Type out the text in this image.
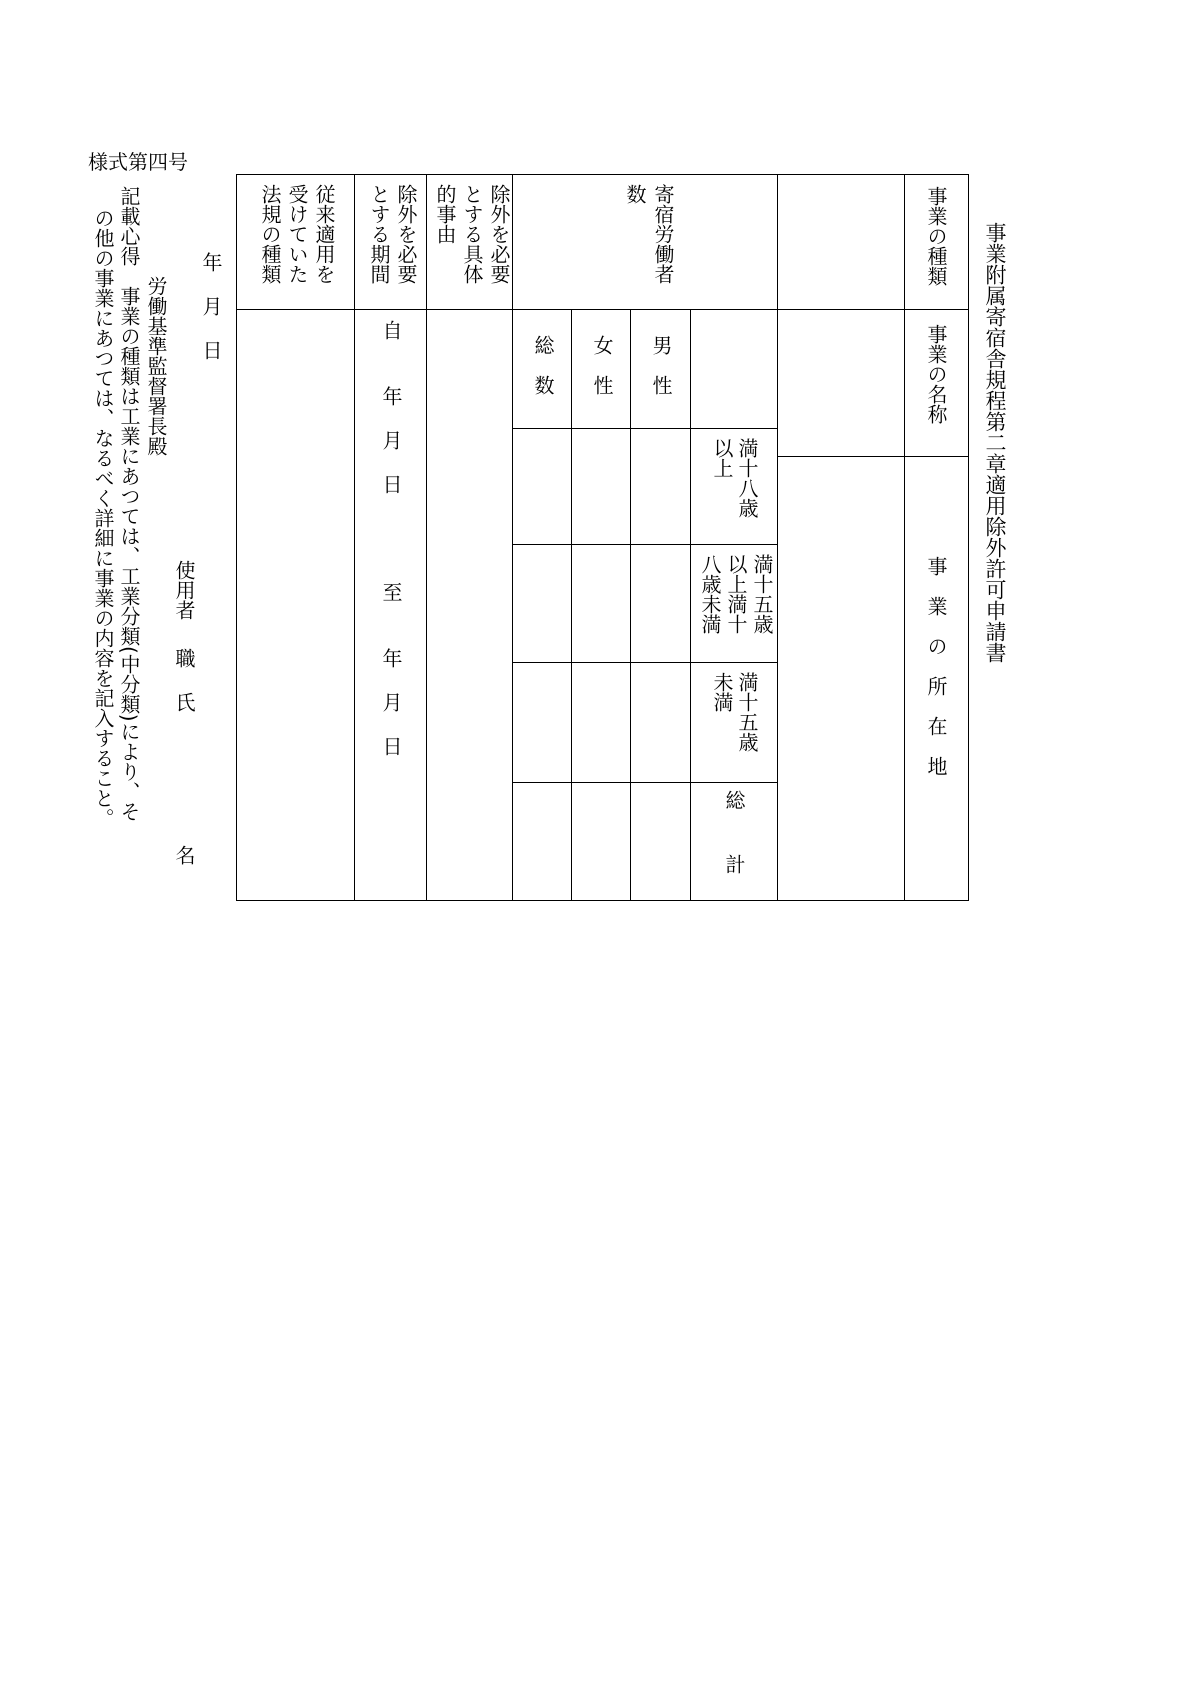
事業附属寄宿舎規程第二章適用除外許可申請書
様式第四号
事業の種類
事業の名称
事業の所在地
寄宿労働者数
除外を必要
とする具体
的事由
除外を必要
とする期間
従来適用を
受けていた
法規の種類
男性
女性
総数
満十八歳
以上
満十五歳
以上満十
八歳未満
満十五歳
未満
総計
自
年
月
日
至
年
月
日
年
月
日
労働基準監督署長殿
使用者
職
氏
名
記載心得　事業の種類は工業にあつては、工業分類(中分類)により、そ
の他の事業にあつては、なるべく詳細に事業の内容を記入すること。
